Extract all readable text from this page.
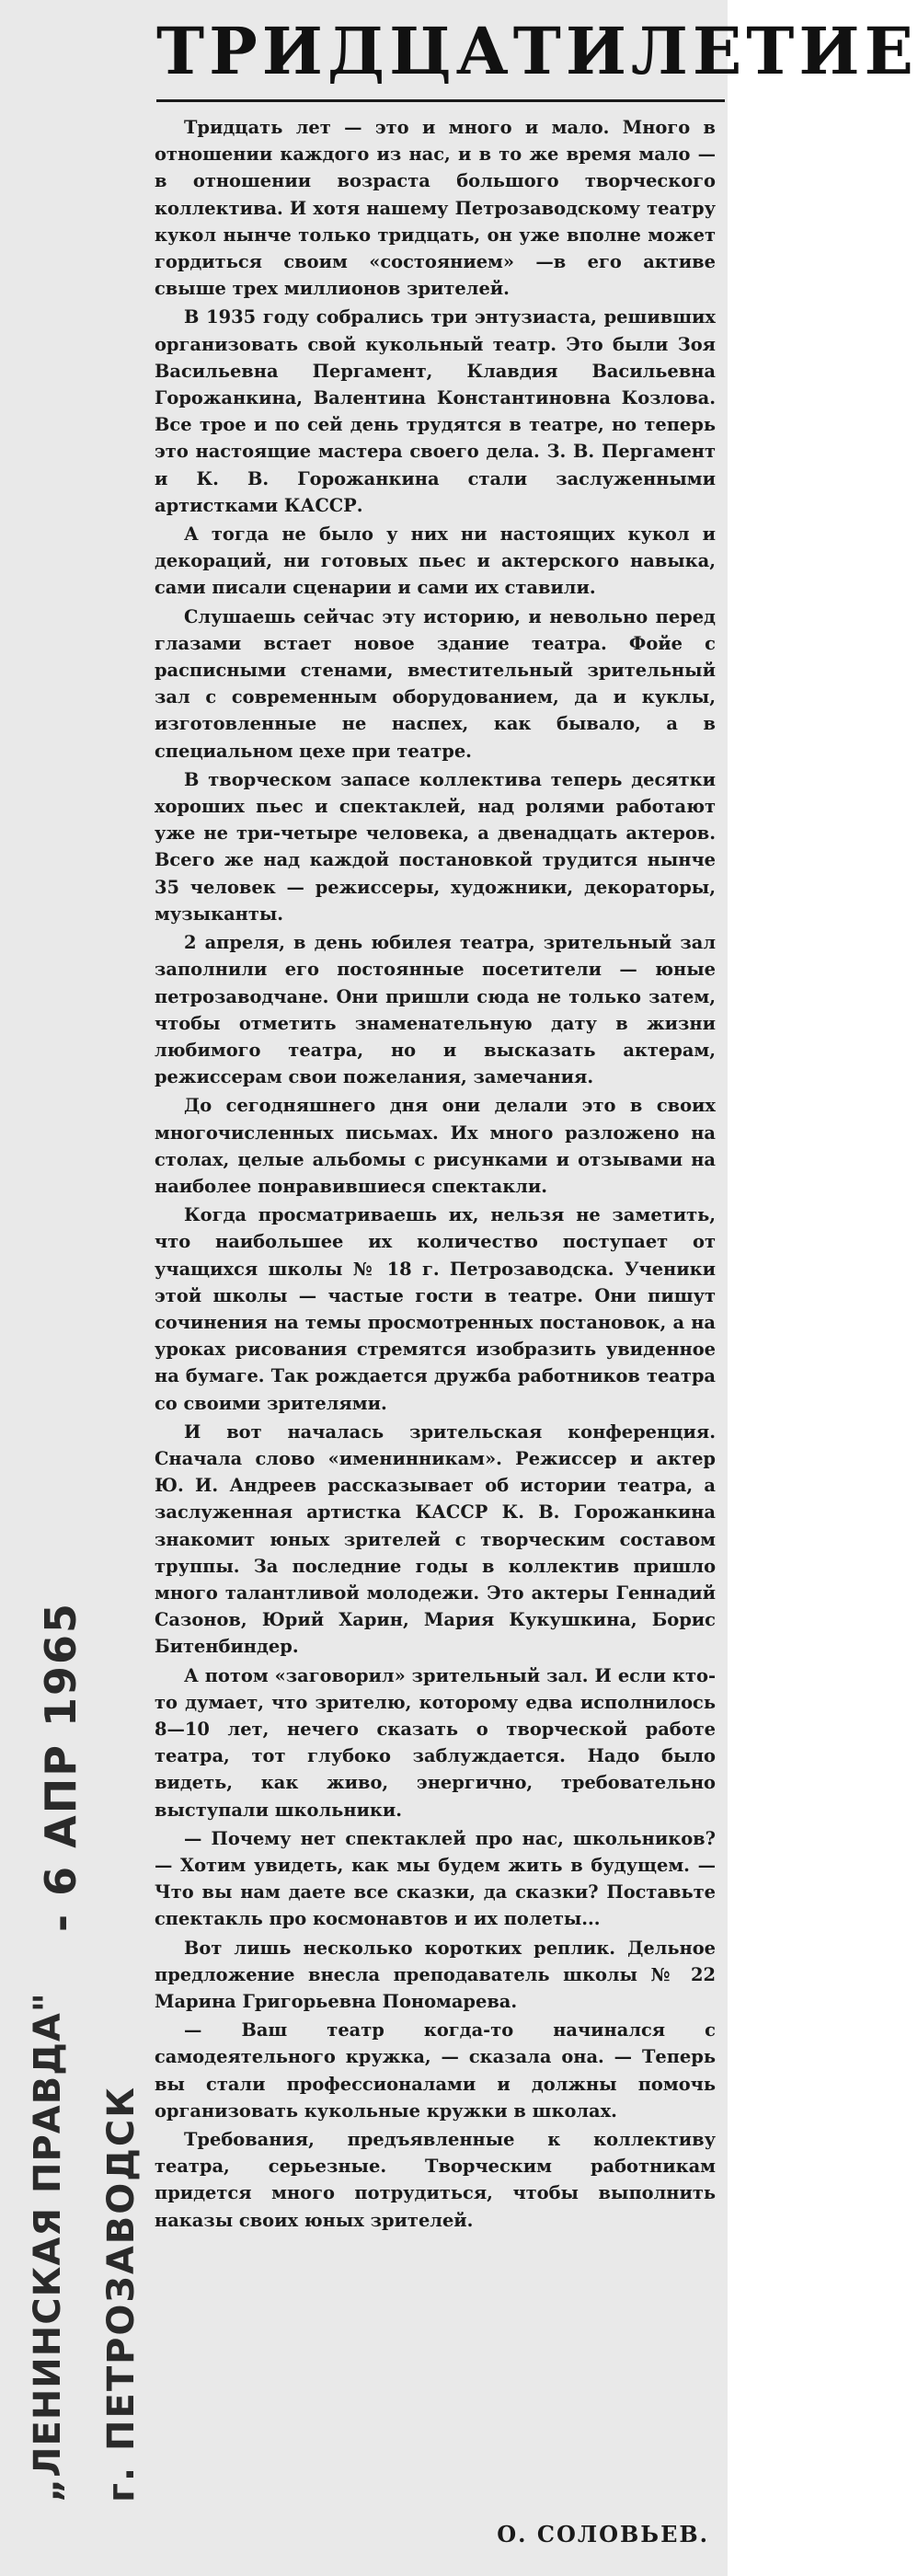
„ЛЕНИНСКАЯ ПРАВДА" г. ПЕТРОЗАВОДСК
- 6 АПР 1965
ТРИДЦАТИЛЕТИЕ

Тридцать лет — это и много и мало. Много в отношении каждого из нас, и в то же время мало — в отношении возраста большого творческого коллектива. И хотя нашему Петрозаводскому театру кукол нынче только тридцать, он уже вполне может гордиться своим «состоянием» —в его активе свыше трех миллионов зрителей.

В 1935 году собрались три энтузиаста, решивших организовать свой кукольный театр. Это были Зоя Васильевна Пергамент, Клавдия Васильевна Горожанкина, Валентина Константиновна Козлова. Все трое и по сей день трудятся в театре, но теперь это настоящие мастера своего дела. З. В. Пергамент и К. В. Горожанкина стали заслуженными артистками КАССР.

А тогда не было у них ни настоящих кукол и декораций, ни готовых пьес и актерского навыка, сами писали сценарии и сами их ставили.

Слушаешь сейчас эту историю, и невольно перед глазами встает новое здание театра. Фойе с расписными стенами, вместительный зрительный зал с современным оборудованием, да и куклы, изготовленные не наспех, как бывало, а в специальном цехе при театре.

В творческом запасе коллектива теперь десятки хороших пьес и спектаклей, над ролями работают уже не три-четыре человека, а двенадцать актеров. Всего же над каждой постановкой трудится нынче 35 человек — режиссеры, художники, декораторы, музыканты.

2 апреля, в день юбилея театра, зрительный зал заполнили его постоянные посетители — юные петрозаводчане. Они пришли сюда не только затем, чтобы отметить знаменательную дату в жизни любимого театра, но и высказать актерам, режиссерам свои пожелания, замечания.

До сегодняшнего дня они делали это в своих многочисленных письмах. Их много разложено на столах, целые альбомы с рисунками и отзывами на наиболее понравившиеся спектакли.

Когда просматриваешь их, нельзя не заметить, что наибольшее их количество поступает от учащихся школы № 18 г. Петрозаводска. Ученики этой школы — частые гости в театре. Они пишут сочинения на темы просмотренных постановок, а на уроках рисования стремятся изобразить увиденное на бумаге. Так рождается дружба работников театра со своими зрителями.

И вот началась зрительская конференция. Сначала слово «именинникам». Режиссер и актер Ю. И. Андреев рассказывает об истории театра, а заслуженная артистка КАССР К. В. Горожанкина знакомит юных зрителей с творческим составом труппы. За последние годы в коллектив пришло много талантливой молодежи. Это актеры Геннадий Сазонов, Юрий Харин, Мария Кукушкина, Борис Битенбиндер.

А потом «заговорил» зрительный зал. И если кто-то думает, что зрителю, которому едва исполнилось 8—10 лет, нечего сказать о творческой работе театра, тот глубоко заблуждается. Надо было видеть, как живо, энергично, требовательно выступали школьники.

— Почему нет спектаклей про нас, школьников? — Хотим увидеть, как мы будем жить в будущем. — Что вы нам даете все сказки, да сказки? Поставьте спектакль про космонавтов и их полеты...

Вот лишь несколько коротких реплик. Дельное предложение внесла преподаватель школы № 22 Марина Григорьевна Пономарева.

— Ваш театр когда-то начинался с самодеятельного кружка, — сказала она. — Теперь вы стали профессионалами и должны помочь организовать кукольные кружки в школах.

Требования, предъявленные к коллективу театра, серьезные. Творческим работникам придется много потрудиться, чтобы выполнить наказы своих юных зрителей.

О. СОЛОВЬЕВ.
